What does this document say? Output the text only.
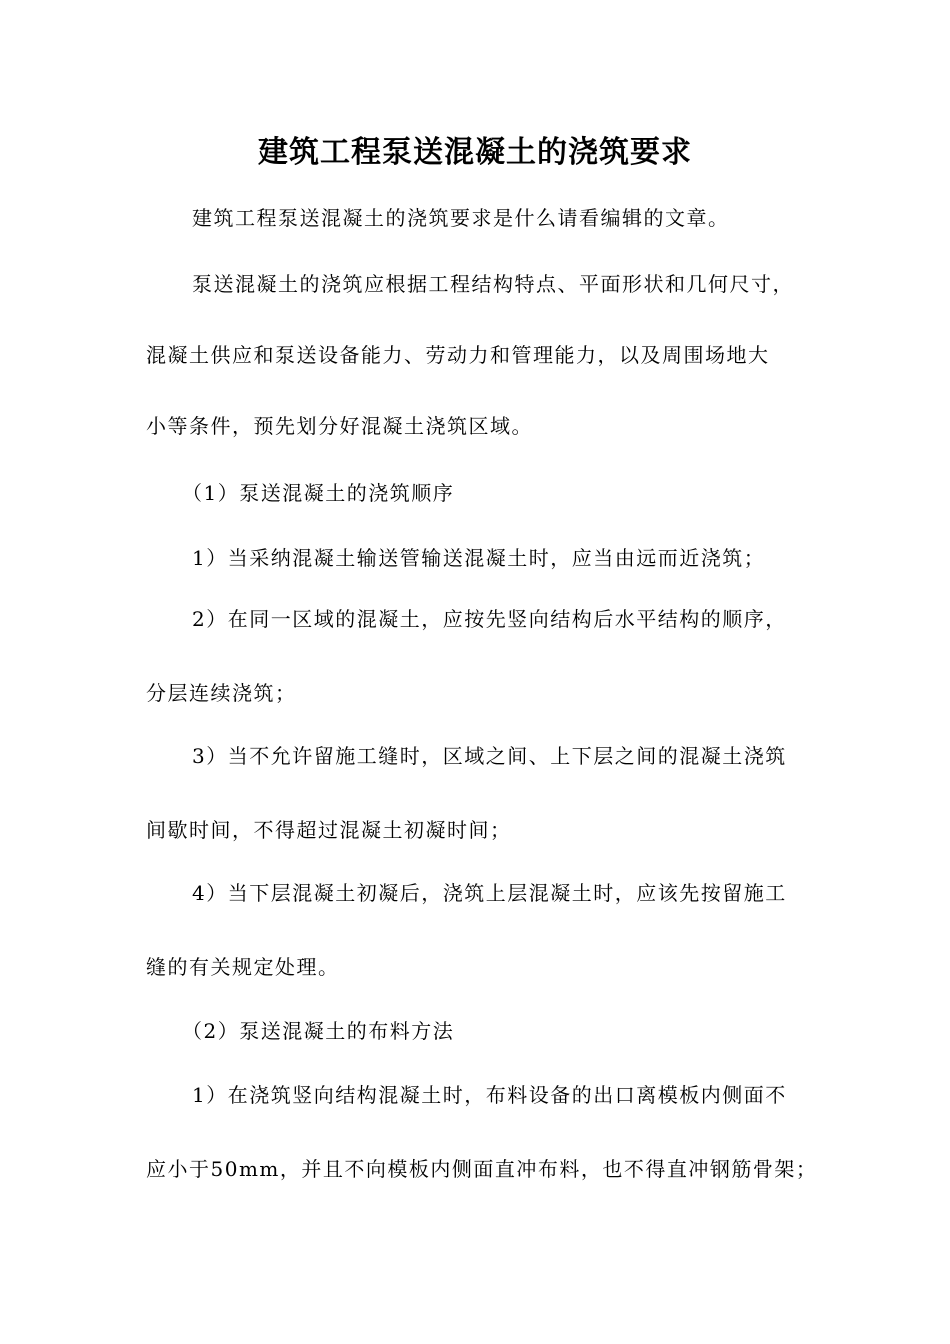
建筑工程泵送混凝土的浇筑要求
建筑工程泵送混凝土的浇筑要求是什么请看编辑的文章。
泵送混凝土的浇筑应根据工程结构特点、平面形状和几何尺寸，
混凝土供应和泵送设备能力、劳动力和管理能力，以及周围场地大
小等条件，预先划分好混凝土浇筑区域。
（1）泵送混凝土的浇筑顺序
1）当采纳混凝土输送管输送混凝土时，应当由远而近浇筑；
2）在同一区域的混凝土，应按先竖向结构后水平结构的顺序，
分层连续浇筑；
3）当不允许留施工缝时，区域之间、上下层之间的混凝土浇筑
间歇时间，不得超过混凝土初凝时间；
4）当下层混凝土初凝后，浇筑上层混凝土时，应该先按留施工
缝的有关规定处理。
（2）泵送混凝土的布料方法
1）在浇筑竖向结构混凝土时，布料设备的出口离模板内侧面不
应小于50mm，并且不向模板内侧面直冲布料，也不得直冲钢筋骨架；
